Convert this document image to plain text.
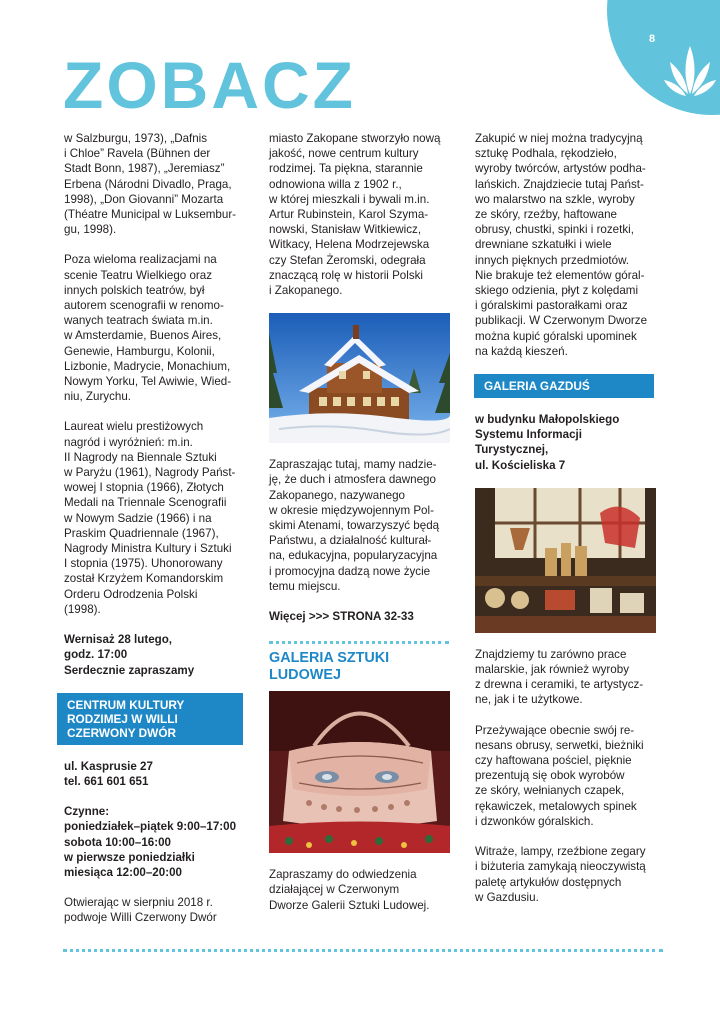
8
ZOBACZ

w Salzburgu, 1973), „Dafnis
i Chloe” Ravela (Bühnen der
Stadt Bonn, 1987), „Jeremiasz”
Erbena (Národni Divadlo, Praga,
1998), „Don Giovanni” Mozarta
(Théatre Municipal w Luksembur-
gu, 1998).

Poza wieloma realizacjami na
scenie Teatru Wielkiego oraz
innych polskich teatrów, był
autorem scenografii w renomo-
wanych teatrach świata m.in.
w Amsterdamie, Buenos Aires,
Genewie, Hamburgu, Kolonii,
Lizbonie, Madrycie, Monachium,
Nowym Yorku, Tel Awiwie, Wied-
niu, Zurychu.

Laureat wielu prestiżowych
nagród i wyróżnień: m.in.
II Nagrody na Biennale Sztuki
w Paryżu (1961), Nagrody Państ-
wowej I stopnia (1966), Złotych
Medali na Triennale Scenografii
w Nowym Sadzie (1966) i na
Praskim Quadriennale (1967),
Nagrody Ministra Kultury i Sztuki
I stopnia (1975). Uhonorowany
został Krzyżem Komandorskim
Orderu Odrodzenia Polski
(1998).

Wernisaż 28 lutego,
godz. 17:00
Serdecznie zapraszamy

CENTRUM KULTURY
RODZIMEJ W WILLI
CZERWONY DWÓR

ul. Kasprusie 27
tel. 661 601 651

Czynne:
poniedziałek–piątek 9:00–17:00
sobota 10:00–16:00
w pierwsze poniedziałki
miesiąca 12:00–20:00

Otwierając w sierpniu 2018 r.
podwoje Willi Czerwony Dwór

miasto Zakopane stworzyło nową
jakość, nowe centrum kultury
rodzimej. Ta piękna, starannie
odnowiona willa z 1902 r.,
w której mieszkali i bywali m.in.
Artur Rubinstein, Karol Szyma-
nowski, Stanisław Witkiewicz,
Witkacy, Helena Modrzejewska
czy Stefan Żeromski, odegrała
znaczącą rolę w historii Polski
i Zakopanego.

Zapraszając tutaj, mamy nadzie-
ję, że duch i atmosfera dawnego
Zakopanego, nazywanego
w okresie międzywojennym Pol-
skimi Atenami, towarzyszyć będą
Państwu, a działalność kulturał-
na, edukacyjna, popularyzacyjna
i promocyjna dadzą nowe życie
temu miejscu.

Więcej >>> STRONA 32-33

GALERIA SZTUKI
LUDOWEJ

Zapraszamy do odwiedzenia
działającej w Czerwonym
Dworze Galerii Sztuki Ludowej.

Zakupić w niej można tradycyjną
sztukę Podhala, rękodzieło,
wyroby twórców, artystów podha-
lańskich. Znajdziecie tutaj Państ-
wo malarstwo na szkle, wyroby
ze skóry, rzeźby, haftowane
obrusy, chustki, spinki i rozetki,
drewniane szkatułki i wiele
innych pięknych przedmiotów.
Nie brakuje też elementów góral-
skiego odzienia, płyt z kolędami
i góralskimi pastorałkami oraz
publikacji. W Czerwonym Dworze
można kupić góralski upominek
na każdą kieszeń.

GALERIA GAZDUŚ

w budynku Małopolskiego
Systemu Informacji
Turystycznej,
ul. Kościeliska 7

Znajdziemy tu zarówno prace
malarskie, jak również wyroby
z drewna i ceramiki, te artystycz-
ne, jak i te użytkowe.

Przeżywające obecnie swój re-
nesans obrusy, serwetki, bieżniki
czy haftowana pościel, pięknie
prezentują się obok wyrobów
ze skóry, wełnianych czapek,
rękawiczek, metalowych spinek
i dzwonków góralskich.

Witraże, lampy, rzeźbione zegary
i biżuteria zamykają nieoczywistą
paletę artykułów dostępnych
w Gazdusiu.
